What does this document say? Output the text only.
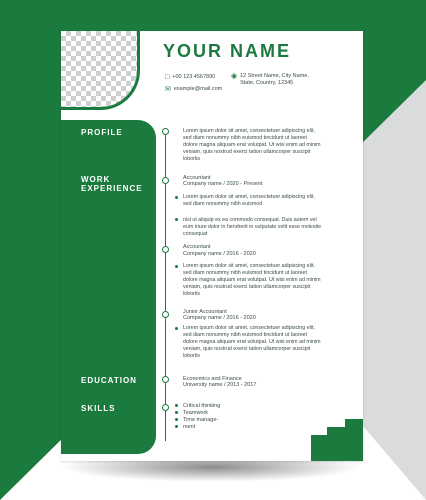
YOUR NAME
□ +00 123 4567890 ◉ 12 Street Name, City Name,
State, Country, 12345
✉ example@mail.com
PROFILE
WORK
EXPERIENCE
EDUCATION
SKILLS

Lorem ipsum dolor sit amet, consectetuer adipiscing elit, sed diam nonummy nibh euismod tincidunt ut laoreet dolore magna aliquam erat volutpat. Ut wisi enim ad minim veniam, quis nostrud exerci tation ullamcorper suscipit lobortis

Accountant
Company name / 2020 - Present

Lorem ipsum dolor sit amet, consectetuer adipiscing elit, sed diam nonummy nibh euismod

nisl ut aliquip ex ea commodo consequat. Duis autem vel eum iriure dolor in hendrerit in vulputate velit esse molestie consequat

Accountant
Company name / 2016 - 2020

Lorem ipsum dolor sit amet, consectetuer adipiscing elit, sed diam nonummy nibh euismod tincidunt ut laoreet dolore magna aliquam erat volutpat. Ut wisi enim ad minim veniam, quis nostrud exerci tation ullamcorper suscipit lobortis

Junior Accountant
Company name / 2016 - 2020

Lorem ipsum dolor sit amet, consectetuer adipiscing elit, sed diam nonummy nibh euismod tincidunt ut laoreet dolore magna aliquam erat volutpat. Ut wisi enim ad minim veniam, quis nostrud exerci tation ullamcorper suscipit lobortis

Economics and Finance
University name / 2013 - 2017
Critical thinking
Teamwork
Time manage-
ment
